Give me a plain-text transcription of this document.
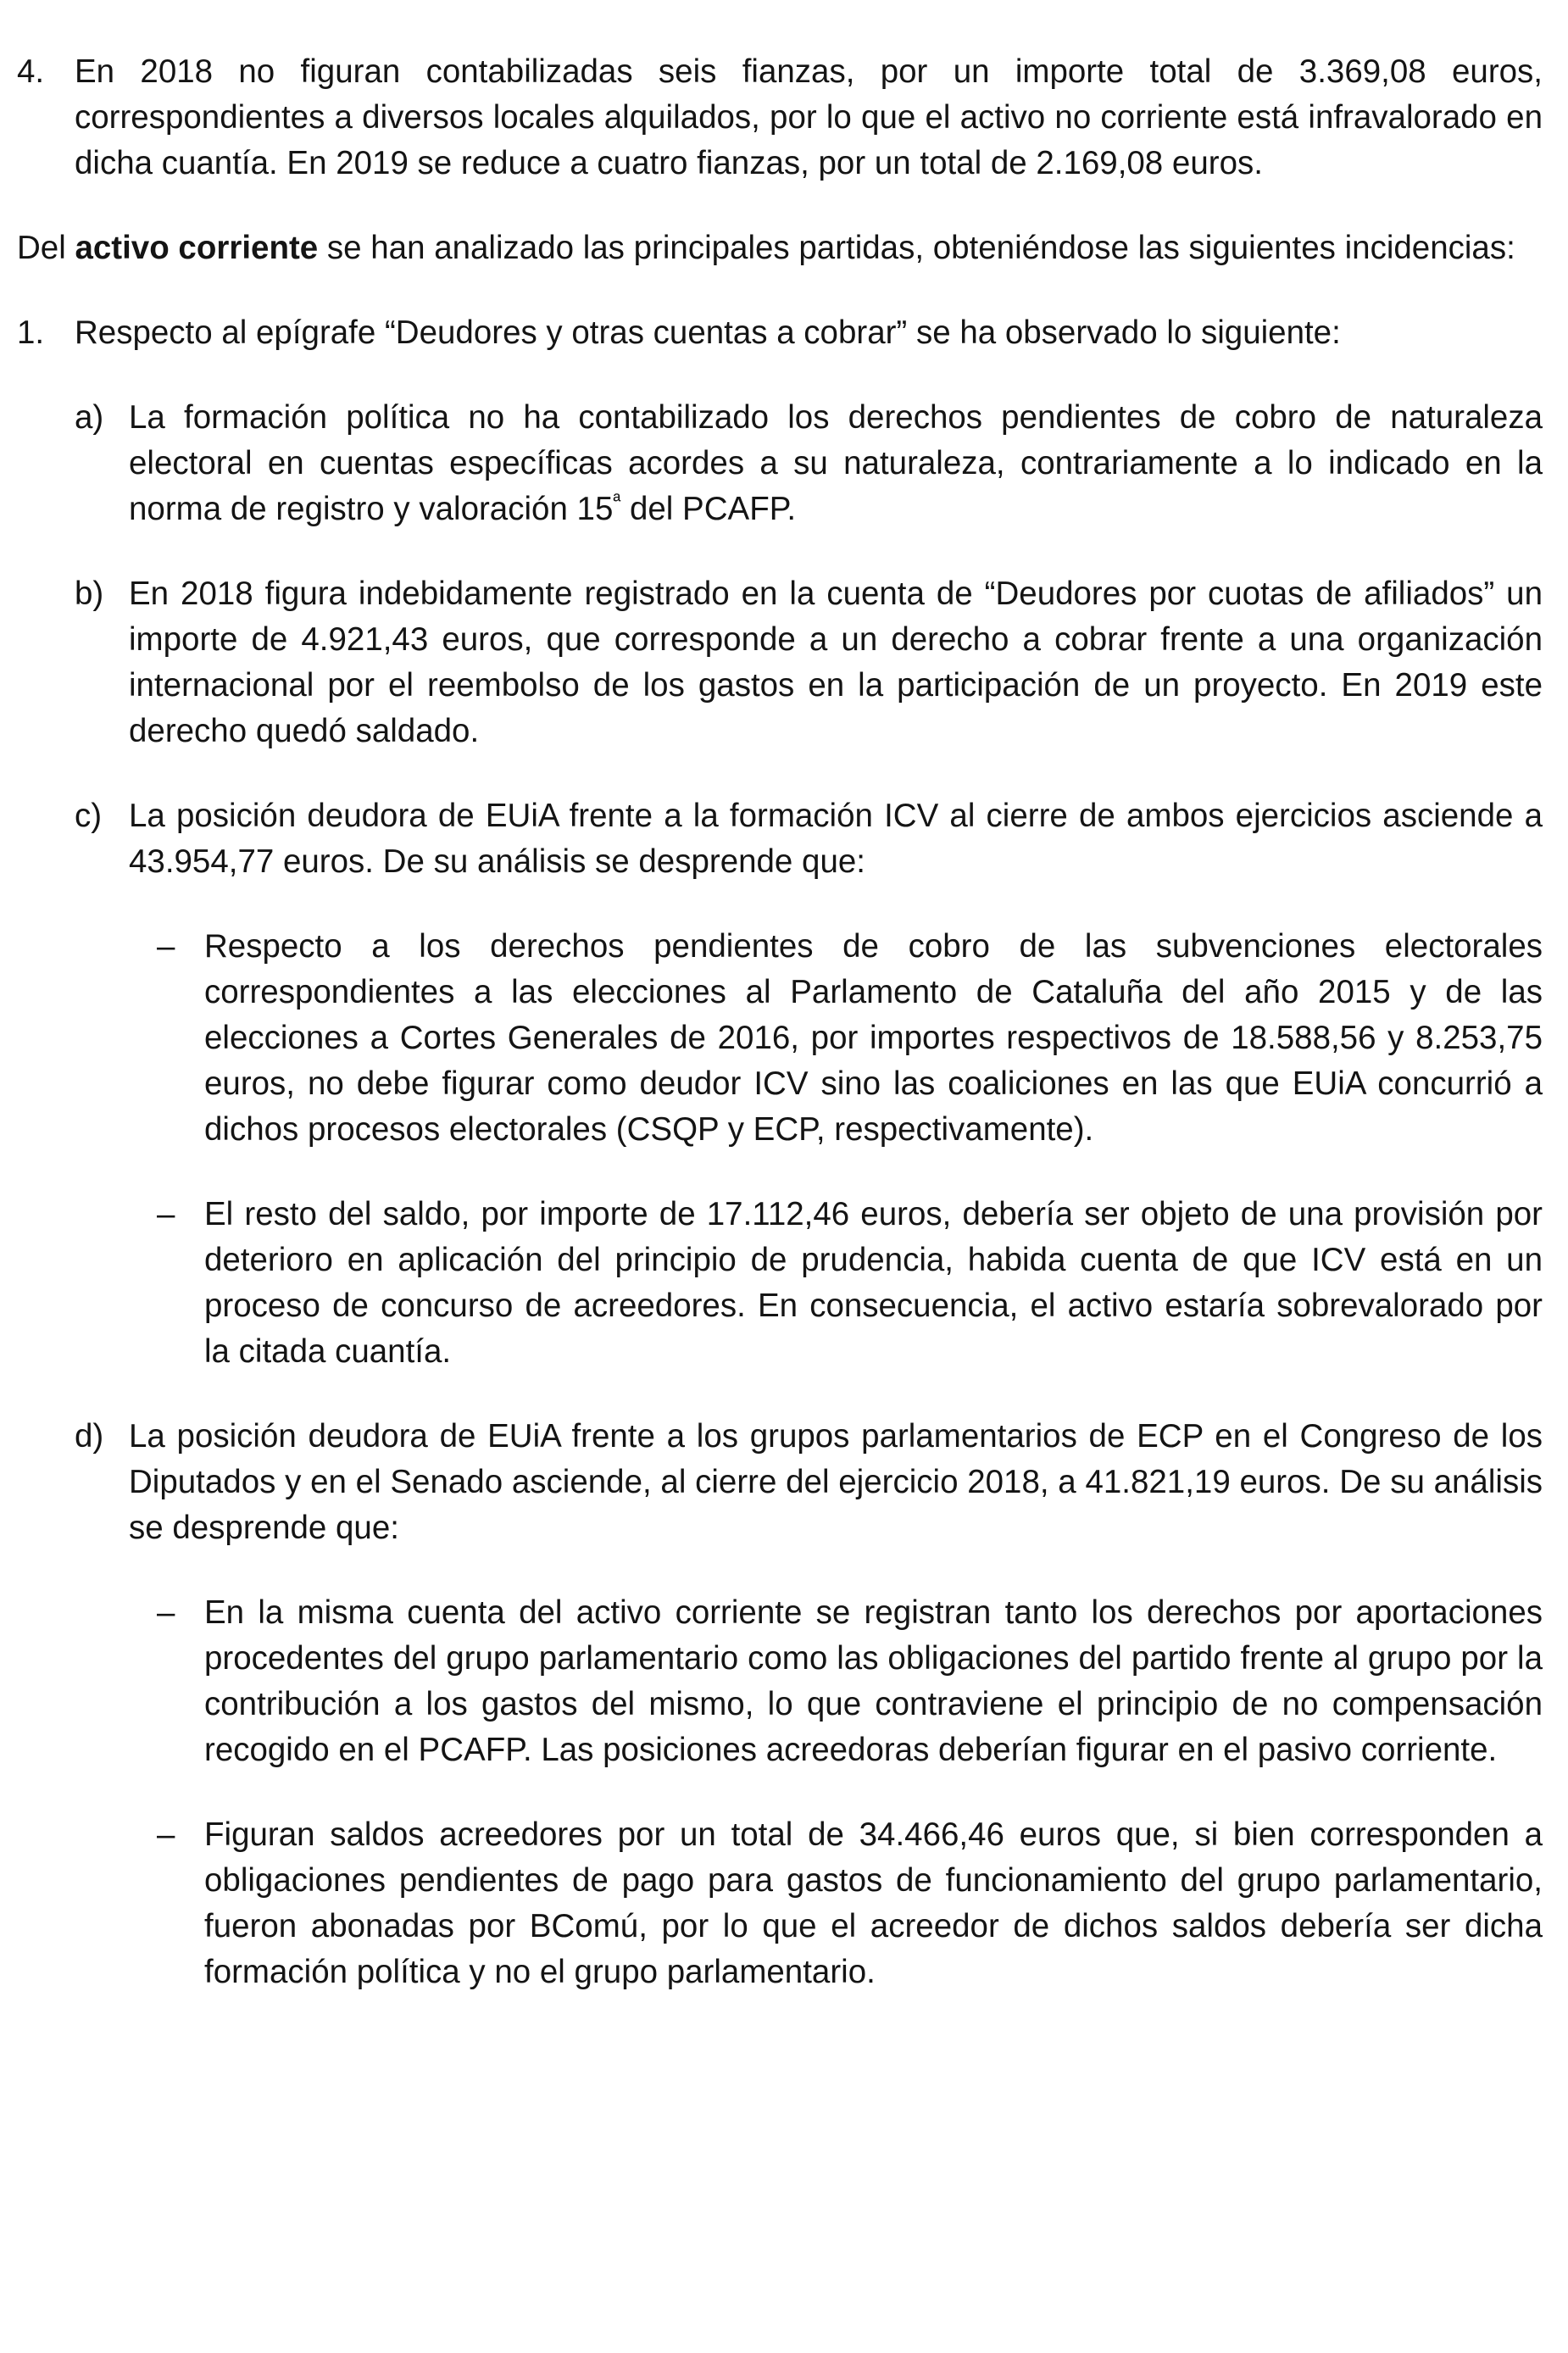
4. En 2018 no figuran contabilizadas seis fianzas, por un importe total de 3.369,08 euros, correspondientes a diversos locales alquilados, por lo que el activo no corriente está infravalorado en dicha cuantía. En 2019 se reduce a cuatro fianzas, por un total de 2.169,08 euros.

Del activo corriente se han analizado las principales partidas, obteniéndose las siguientes incidencias:

1. Respecto al epígrafe “Deudores y otras cuentas a cobrar” se ha observado lo siguiente:

a) La formación política no ha contabilizado los derechos pendientes de cobro de naturaleza electoral en cuentas específicas acordes a su naturaleza, contrariamente a lo indicado en la norma de registro y valoración $15^ª$ del PCAFP.

b) En 2018 figura indebidamente registrado en la cuenta de “Deudores por cuotas de afiliados” un importe de 4.921,43 euros, que corresponde a un derecho a cobrar frente a una organización internacional por el reembolso de los gastos en la participación de un proyecto. En 2019 este derecho quedó saldado.

c) La posición deudora de EUiA frente a la formación ICV al cierre de ambos ejercicios asciende a 43.954,77 euros. De su análisis se desprende que:

– Respecto a los derechos pendientes de cobro de las subvenciones electorales correspondientes a las elecciones al Parlamento de Cataluña del año 2015 y de las elecciones a Cortes Generales de 2016, por importes respectivos de 18.588,56 y 8.253,75 euros, no debe figurar como deudor ICV sino las coaliciones en las que EUiA concurrió a dichos procesos electorales (CSQP y ECP, respectivamente).

– El resto del saldo, por importe de 17.112,46 euros, debería ser objeto de una provisión por deterioro en aplicación del principio de prudencia, habida cuenta de que ICV está en un proceso de concurso de acreedores. En consecuencia, el activo estaría sobrevalorado por la citada cuantía.

d) La posición deudora de EUiA frente a los grupos parlamentarios de ECP en el Congreso de los Diputados y en el Senado asciende, al cierre del ejercicio 2018, a 41.821,19 euros. De su análisis se desprende que:

– En la misma cuenta del activo corriente se registran tanto los derechos por aportaciones procedentes del grupo parlamentario como las obligaciones del partido frente al grupo por la contribución a los gastos del mismo, lo que contraviene el principio de no compensación recogido en el PCAFP. Las posiciones acreedoras deberían figurar en el pasivo corriente.

– Figuran saldos acreedores por un total de 34.466,46 euros que, si bien corresponden a obligaciones pendientes de pago para gastos de funcionamiento del grupo parlamentario, fueron abonadas por BComú, por lo que el acreedor de dichos saldos debería ser dicha formación política y no el grupo parlamentario.
